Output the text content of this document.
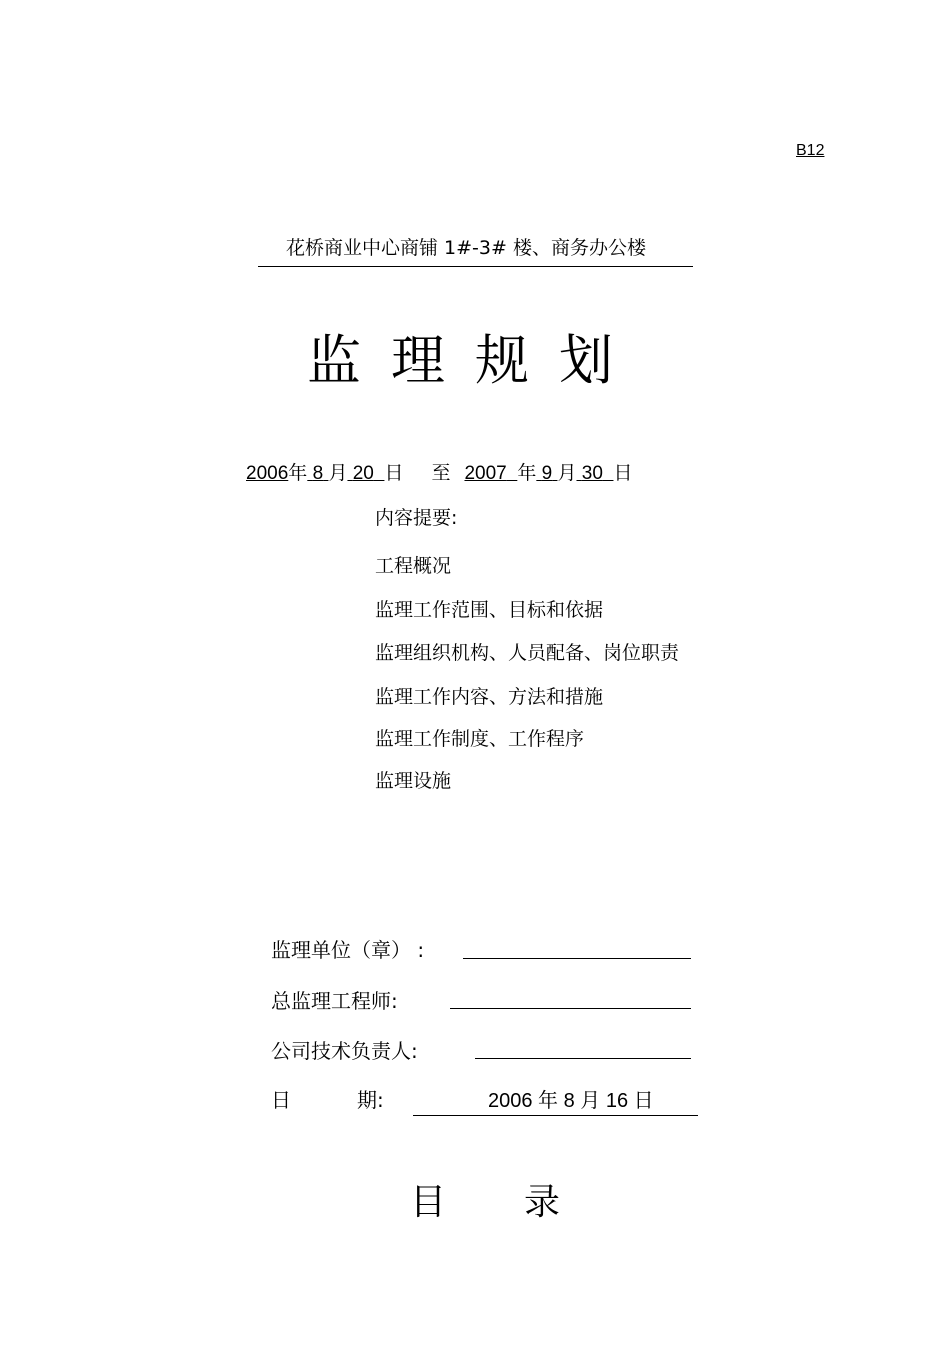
B12
花桥商业中心商铺 1#-3# 楼、商务办公楼
监理规划
2006年 8 月 20 日 至 2007 年 9 月 30 日
内容提要:
工程概况
监理工作范围、目标和依据
监理组织机构、人员配备、岗位职责
监理工作内容、方法和措施
监理工作制度、工作程序
监理设施
监理单位（章） :
总监理工程师:
公司技术负责人:
日	期:	2006 年 8 月 16 日
目 录
